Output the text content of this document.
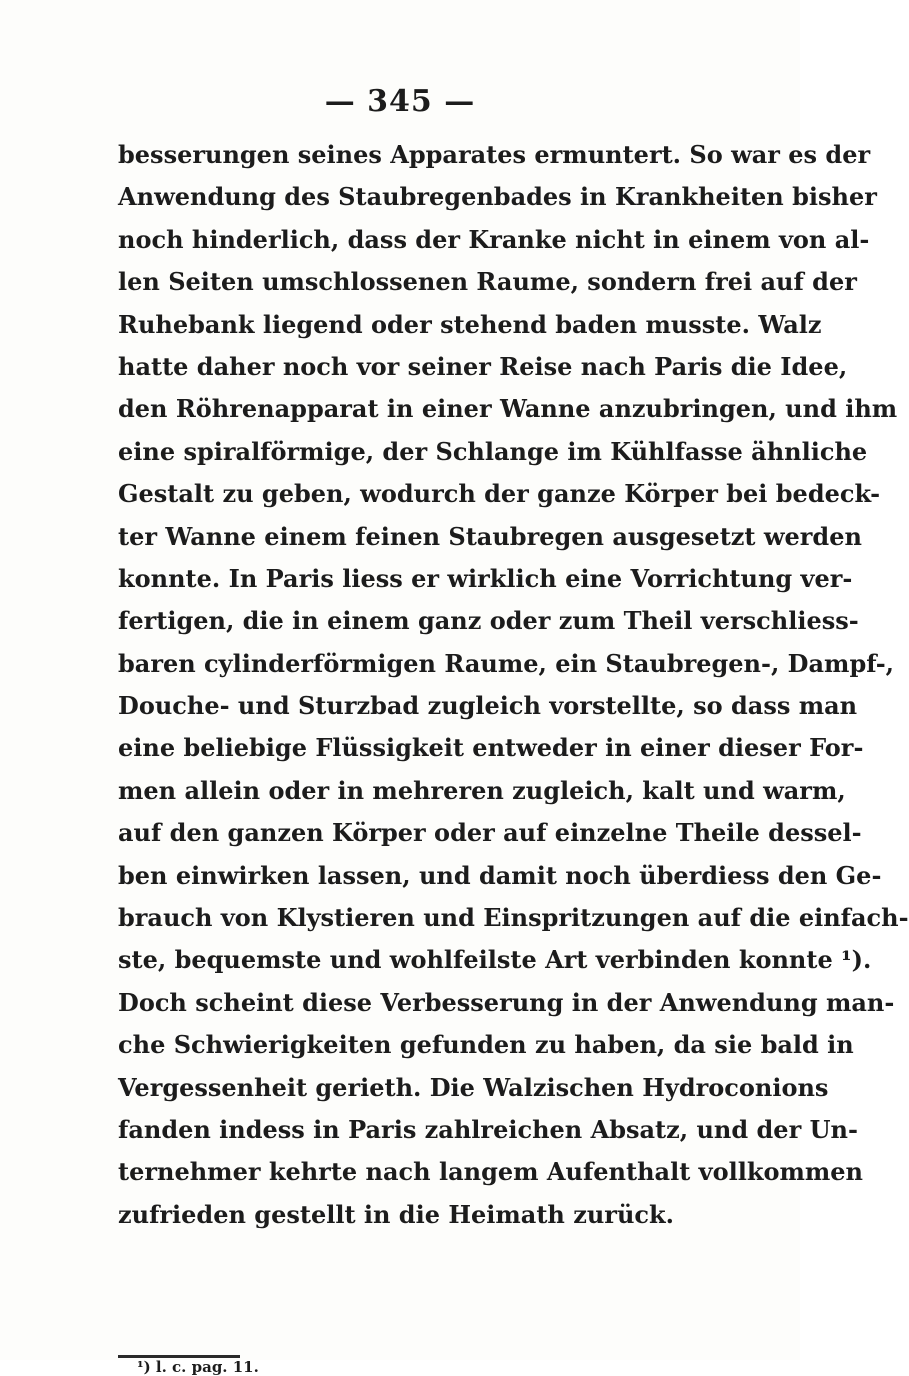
— 345 —
besserungen seines Apparates ermuntert. So war es der
Anwendung des Staubregenbades in Krankheiten bisher
noch hinderlich, dass der Kranke nicht in einem von al-
len Seiten umschlossenen Raume, sondern frei auf der
Ruhebank liegend oder stehend baden musste. Walz
hatte daher noch vor seiner Reise nach Paris die Idee,
den Röhrenapparat in einer Wanne anzubringen, und ihm
eine spiralförmige, der Schlange im Kühlfasse ähnliche
Gestalt zu geben, wodurch der ganze Körper bei bedeck-
ter Wanne einem feinen Staubregen ausgesetzt werden
konnte. In Paris liess er wirklich eine Vorrichtung ver-
fertigen, die in einem ganz oder zum Theil verschliess-
baren cylinderförmigen Raume, ein Staubregen-, Dampf-,
Douche- und Sturzbad zugleich vorstellte, so dass man
eine beliebige Flüssigkeit entweder in einer dieser For-
men allein oder in mehreren zugleich, kalt und warm,
auf den ganzen Körper oder auf einzelne Theile dessel-
ben einwirken lassen, und damit noch überdiess den Ge-
brauch von Klystieren und Einspritzungen auf die einfach-
ste, bequemste und wohlfeilste Art verbinden konnte ¹).
Doch scheint diese Verbesserung in der Anwendung man-
che Schwierigkeiten gefunden zu haben, da sie bald in
Vergessenheit gerieth. Die Walzischen Hydroconions
fanden indess in Paris zahlreichen Absatz, und der Un-
ternehmer kehrte nach langem Aufenthalt vollkommen
zufrieden gestellt in die Heimath zurück.
¹) l. c. pag. 11.
